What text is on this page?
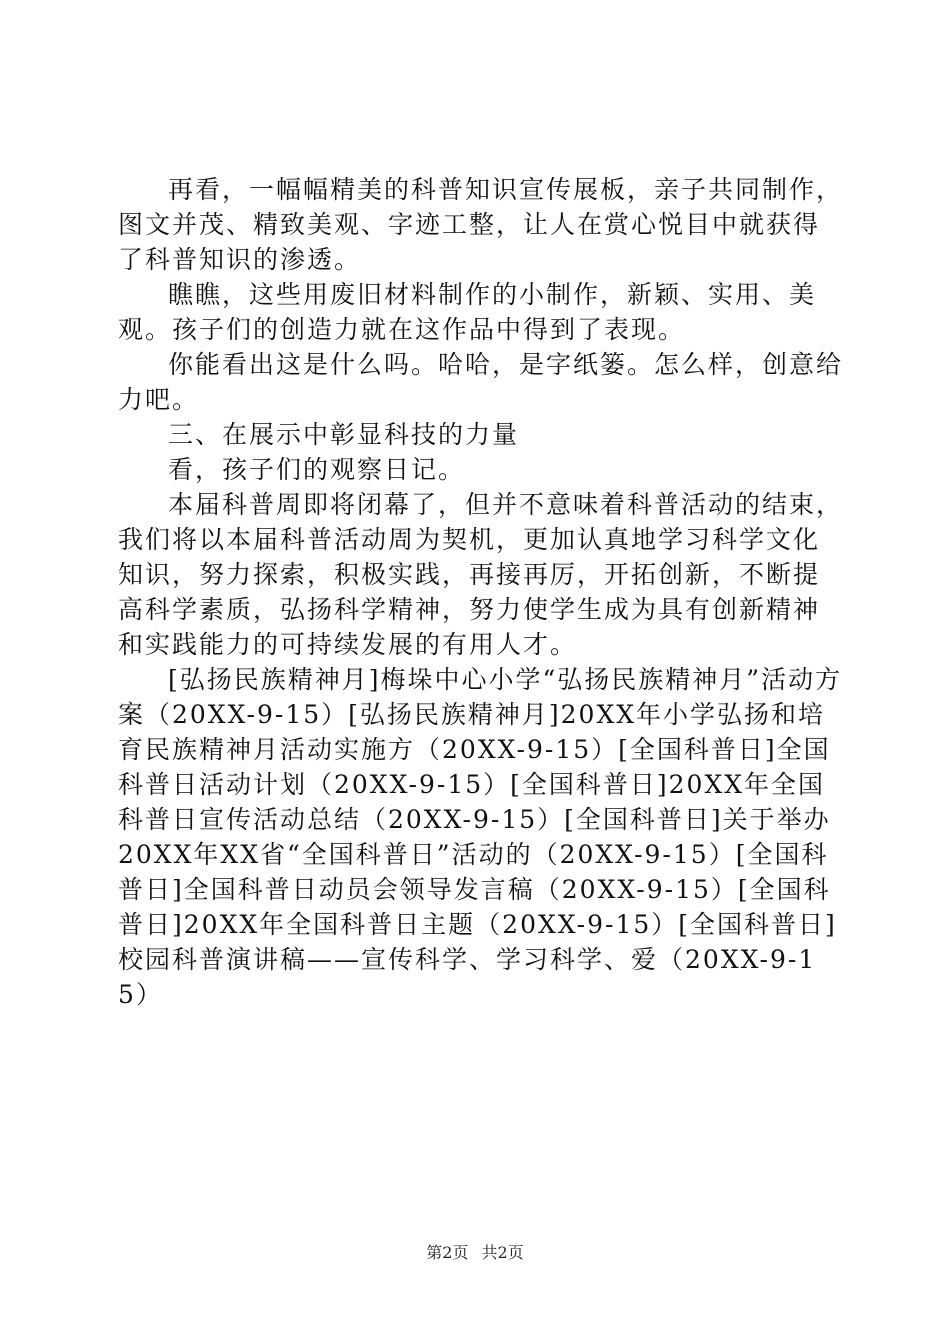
再看，一幅幅精美的科普知识宣传展板，亲子共同制作，图文并茂、精致美观、字迹工整，让人在赏心悦目中就获得了科普知识的渗透。

瞧瞧，这些用废旧材料制作的小制作，新颖、实用、美观。孩子们的创造力就在这作品中得到了表现。

你能看出这是什么吗。哈哈，是字纸篓。怎么样，创意给力吧。

三、在展示中彰显科技的力量

看，孩子们的观察日记。

本届科普周即将闭幕了，但并不意味着科普活动的结束，我们将以本届科普活动周为契机，更加认真地学习科学文化知识，努力探索，积极实践，再接再厉，开拓创新，不断提高科学素质，弘扬科学精神，努力使学生成为具有创新精神和实践能力的可持续发展的有用人才。

[弘扬民族精神月]梅垛中心小学“弘扬民族精神月”活动方案（20XX-9-15）[弘扬民族精神月]20XX年小学弘扬和培育民族精神月活动实施方（20XX-9-15）[全国科普日]全国科普日活动计划（20XX-9-15）[全国科普日]20XX年全国科普日宣传活动总结（20XX-9-15）[全国科普日]关于举办20XX年XX省“全国科普日”活动的（20XX-9-15）[全国科普日]全国科普日动员会领导发言稿（20XX-9-15）[全国科普日]20XX年全国科普日主题（20XX-9-15）[全国科普日]校园科普演讲稿——宣传科学、学习科学、爱（20XX-9-15）

第2页 共2页
